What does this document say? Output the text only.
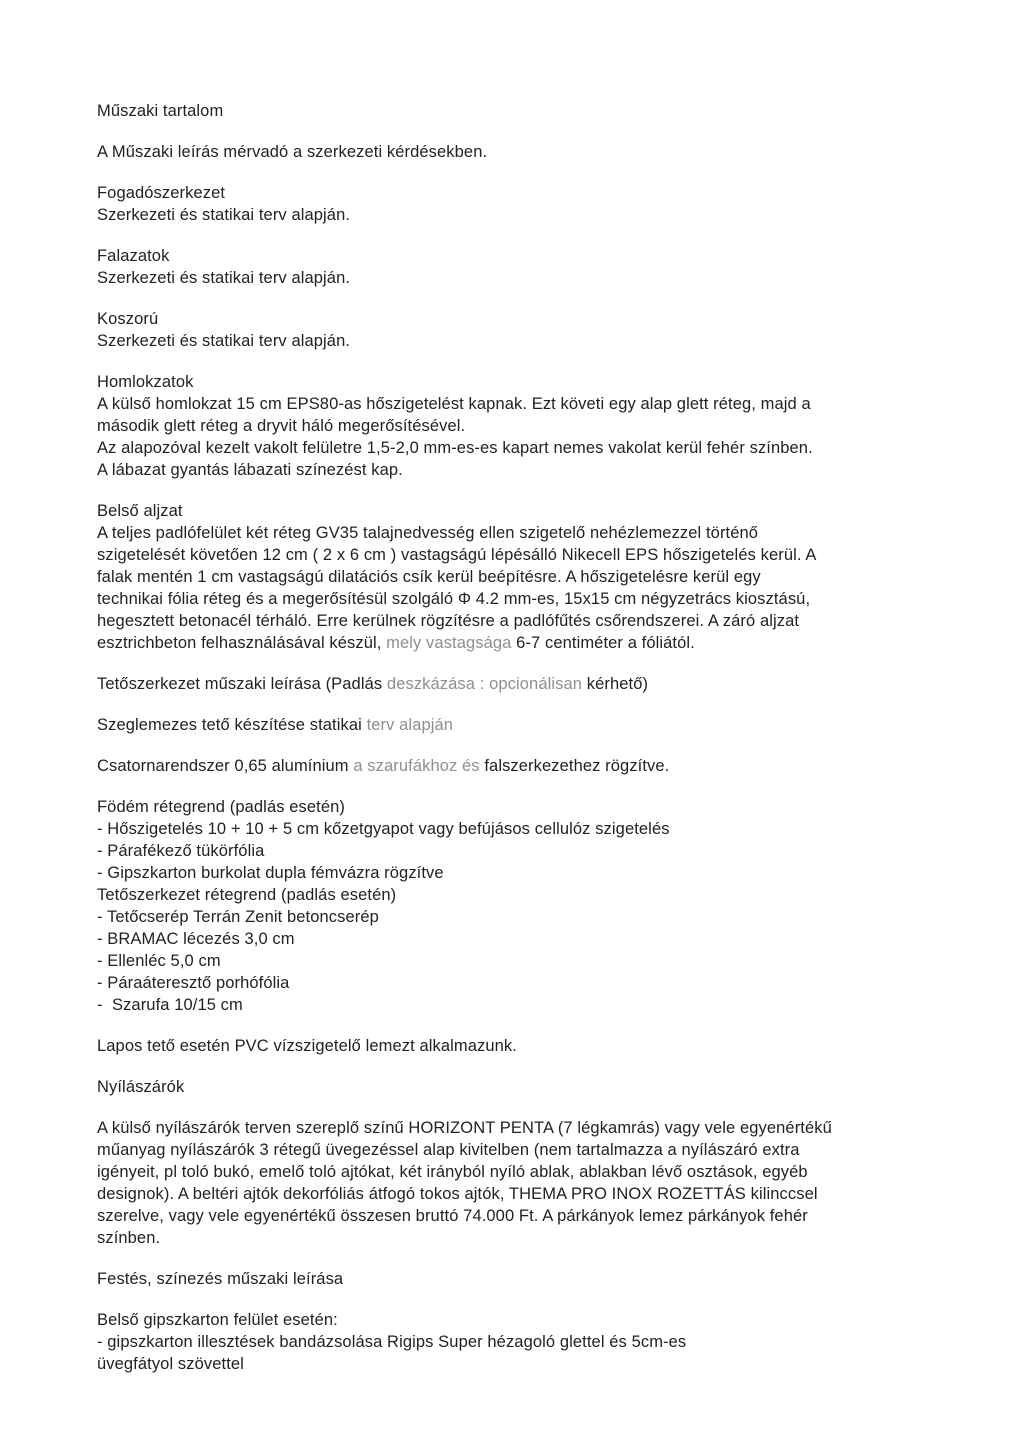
Műszaki tartalom
A Műszaki leírás mérvadó a szerkezeti kérdésekben.
Fogadószerkezet
Szerkezeti és statikai terv alapján.
Falazatok
Szerkezeti és statikai terv alapján.
Koszorú
Szerkezeti és statikai terv alapján.
Homlokzatok
A külső homlokzat 15 cm EPS80-as hőszigetelést kapnak. Ezt követi egy alap glett réteg, majd a
második glett réteg a dryvit háló megerősítésével.
Az alapozóval kezelt vakolt felületre 1,5-2,0 mm-es-es kapart nemes vakolat kerül fehér színben.
A lábazat gyantás lábazati színezést kap.
Belső aljzat
A teljes padlófelület két réteg GV35 talajnedvesség ellen szigetelő nehézlemezzel történő
szigetelését követően 12 cm ( 2 x 6 cm ) vastagságú lépésálló Nikecell EPS hőszigetelés kerül. A
falak mentén 1 cm vastagságú dilatációs csík kerül beépítésre. A hőszigetelésre kerül egy
technikai fólia réteg és a megerősítésül szolgáló Φ 4.2 mm-es, 15x15 cm négyzetrács kiosztású,
hegesztett betonacél térháló. Erre kerülnek rögzítésre a padlófűtés csőrendszerei. A záró aljzat
esztrichbeton felhasználásával készül, mely vastagsága 6-7 centiméter a fóliától.
Tetőszerkezet műszaki leírása (Padlás deszkázása : opcionálisan kérhető)
Szeglemezes tető készítése statikai terv alapján
Csatornarendszer 0,65 alumínium a szarufákhoz és falszerkezethez rögzítve.
Födém rétegrend (padlás esetén)
- Hőszigetelés 10 + 10 + 5 cm kőzetgyapot vagy befújásos cellulóz szigetelés
- Párafékező tükörfólia
- Gipszkarton burkolat dupla fémvázra rögzítve
Tetőszerkezet rétegrend (padlás esetén)
- Tetőcserép Terrán Zenit betoncserép
- BRAMAC lécezés 3,0 cm
- Ellenléc 5,0 cm
- Páraáteresztő porhófólia
-  Szarufa 10/15 cm
Lapos tető esetén PVC vízszigetelő lemezt alkalmazunk.
Nyílászárók
A külső nyílászárók terven szereplő színű HORIZONT PENTA (7 légkamrás) vagy vele egyenértékű
műanyag nyílászárók 3 rétegű üvegezéssel alap kivitelben (nem tartalmazza a nyílászáró extra
igényeit, pl toló bukó, emelő toló ajtókat, két irányból nyíló ablak, ablakban lévő osztások, egyéb
designok). A beltéri ajtók dekorfóliás átfogó tokos ajtók, THEMA PRO INOX ROZETTÁS kilinccsel
szerelve, vagy vele egyenértékű összesen bruttó 74.000 Ft. A párkányok lemez párkányok fehér
színben.
Festés, színezés műszaki leírása
Belső gipszkarton felület esetén:
- gipszkarton illesztések bandázsolása Rigips Super hézagoló glettel és 5cm-es
üvegfátyol szövettel
